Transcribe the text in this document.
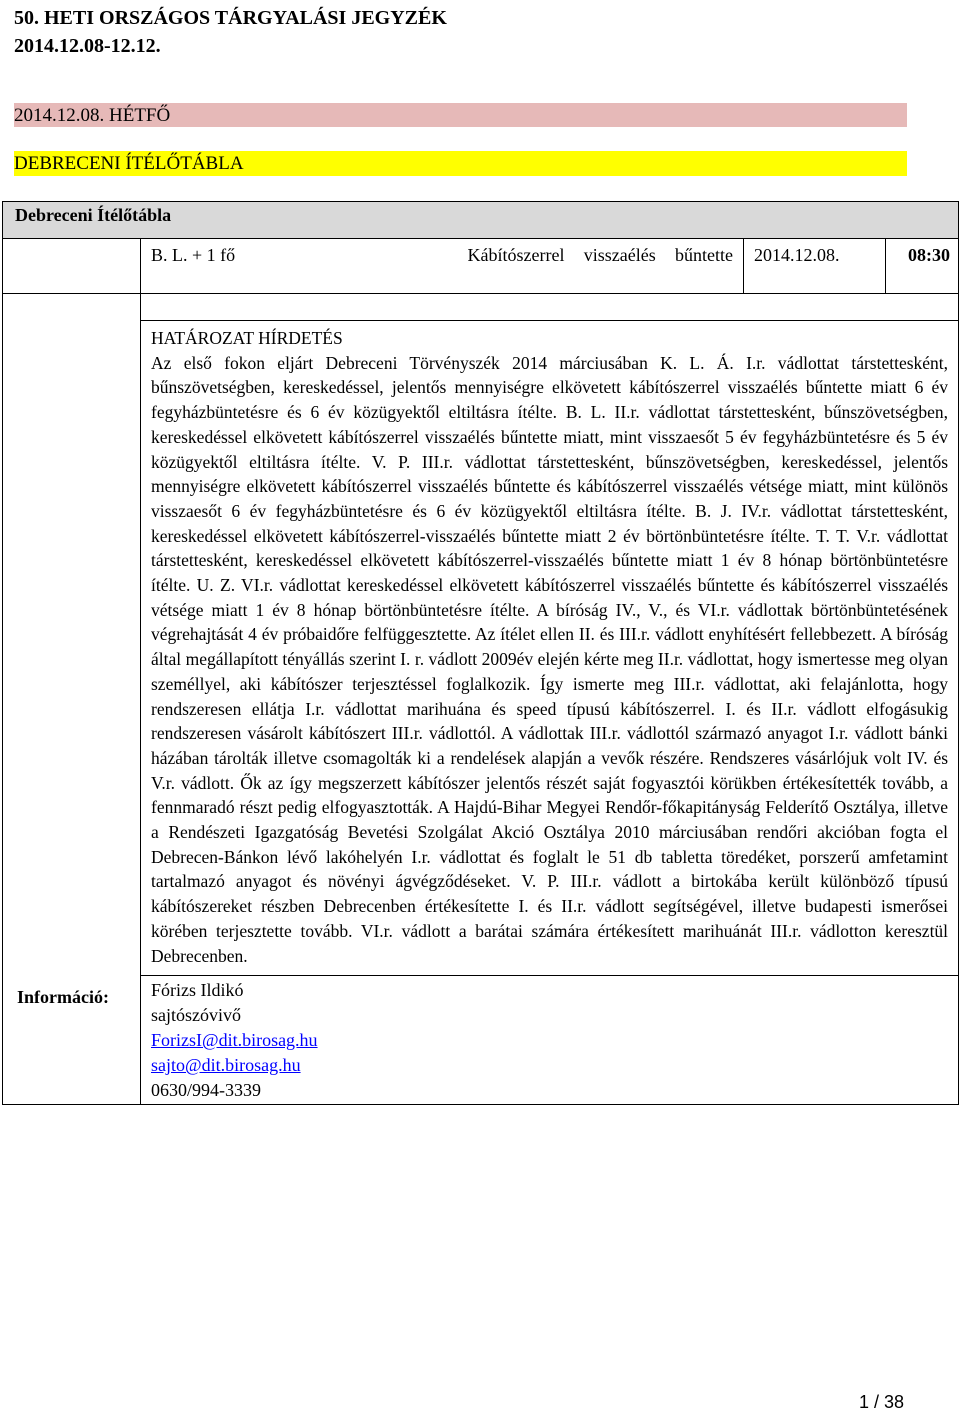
50. HETI ORSZÁGOS TÁRGYALÁSI JEGYZÉK
2014.12.08-12.12.
2014.12.08. HÉTFŐ
DEBRECENI ÍTÉLŐTÁBLA
Debreceni Ítélőtábla				
	B. L. + 1 fő	Kábítószerrel visszaélés bűntette	2014.12.08.	08:30
Információ:				

	HATÁROZAT HÍRDETÉS
Az első fokon eljárt Debreceni Törvényszék 2014 márciusában K. L. Á. I.r. vádlottat társtettesként, bűnszövetségben, kereskedéssel, jelentős mennyiségre elkövetett kábítószerrel visszaélés bűntette miatt 6 év fegyházbüntetésre és 6 év közügyektől eltiltásra ítélte. B. L. II.r. vádlottat társtettesként, bűnszövetségben, kereskedéssel elkövetett kábítószerrel visszaélés bűntette miatt, mint visszaesőt 5 év fegyházbüntetésre és 5 év közügyektől eltiltásra ítélte. V. P. III.r. vádlottat társtettesként, bűnszövetségben, kereskedéssel, jelentős mennyiségre elkövetett kábítószerrel visszaélés bűntette és kábítószerrel visszaélés vétsége miatt, mint különös visszaesőt 6 év fegyházbüntetésre és 6 év közügyektől eltiltásra ítélte. B. J. IV.r. vádlottat társtettesként, kereskedéssel elkövetett kábítószerrel-visszaélés bűntette miatt 2 év börtönbüntetésre ítélte. T. T. V.r. vádlottat társtettesként, kereskedéssel elkövetett kábítószerrel-visszaélés bűntette miatt 1 év 8 hónap börtönbüntetésre ítélte. U. Z. VI.r. vádlottat kereskedéssel elkövetett kábítószerrel visszaélés bűntette és kábítószerrel visszaélés vétsége miatt 1 év 8 hónap börtönbüntetésre ítélte. A bíróság IV., V., és VI.r. vádlottak börtönbüntetésének végrehajtását 4 év próbaidőre felfüggesztette. Az ítélet ellen II. és III.r. vádlott enyhítésért fellebbezett. A bíróság által megállapított tényállás szerint I. r. vádlott 2009év elején kérte meg II.r. vádlottat, hogy ismertesse meg olyan személlyel, aki kábítószer terjesztéssel foglalkozik. Így ismerte meg III.r. vádlottat, aki felajánlotta, hogy rendszeresen ellátja I.r. vádlottat marihuána és speed típusú kábítószerrel. I. és II.r. vádlott elfogásukig rendszeresen vásárolt kábítószert III.r. vádlottól. A vádlottak III.r. vádlottól származó anyagot I.r. vádlott bánki házában tárolták illetve csomagolták ki a rendelések alapján a vevők részére. Rendszeres vásárlójuk volt IV. és V.r. vádlott. Ők az így megszerzett kábítószer jelentős részét saját fogyasztói körükben értékesítették tovább, a fennmaradó részt pedig elfogyasztották. A Hajdú-Bihar Megyei Rendőr-főkapitányság Felderítő Osztálya, illetve a Rendészeti Igazgatóság Bevetési Szolgálat Akció Osztálya 2010 márciusában rendőri akcióban fogta el Debrecen-Bánkon lévő lakóhelyén I.r. vádlottat és foglalt le 51 db tabletta töredéket, porszerű amfetamint tartalmazó anyagot és növényi ágvégződéseket. V. P. III.r. vádlott a birtokába került különböző típusú kábítószereket részben Debrecenben értékesítette I. és II.r. vádlott segítségével, illetve budapesti ismerősei körében terjesztette tovább. VI.r. vádlott a barátai számára értékesített marihuánát III.r. vádlotton keresztül Debrecenben.			

	Fórizs Ildikó
sajtószóvivő
ForizsI@dit.birosag.hu
sajto@dit.birosag.hu
0630/994-3339			
1 / 38
